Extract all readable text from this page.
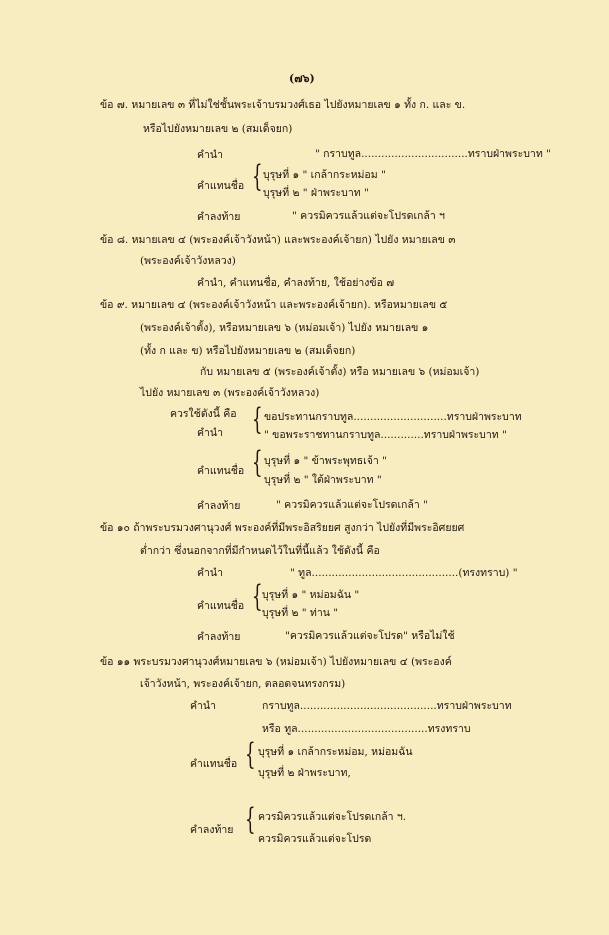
(๗๖)
ข้อ ๗. หมายเลข ๓ ที่ไม่ใช่ชั้นพระเจ้าบรมวงศ์เธอ ไปยังหมายเลข ๑ ทั้ง ก. และ ข.
หรือไปยังหมายเลข ๒ (สมเด็จยก)
คำนำ	" กราบทูล................................ทราบฝ่าพระบาท "
คำแทนชื่อ { บุรุษที่ ๑ " เกล้ากระหม่อม "
บุรุษที่ ๒ " ฝ่าพระบาท "
คำลงท้าย	" ควรมิควรแล้วแต่จะโปรดเกล้า ฯ
ข้อ ๘. หมายเลข ๔ (พระองค์เจ้าวังหน้า) และพระองค์เจ้ายก) ไปยัง หมายเลข ๓
(พระองค์เจ้าวังหลวง)
คำนำ, คำแทนชื่อ, คำลงท้าย, ใช้อย่างข้อ ๗
ข้อ ๙. หมายเลข ๔ (พระองค์เจ้าวังหน้า และพระองค์เจ้ายก). หรือหมายเลข ๕
(พระองค์เจ้าตั้ง), หรือหมายเลข ๖ (หม่อมเจ้า) ไปยัง หมายเลข ๑
(ทั้ง ก และ ข) หรือไปยังหมายเลข ๒ (สมเด็จยก)
กับ หมายเลข ๕ (พระองค์เจ้าตั้ง) หรือ หมายเลข ๖ (หม่อมเจ้า)
ไปยัง หมายเลข ๓ (พระองค์เจ้าวังหลวง)
ควรใช้ดังนี้ คือ
คำนำ { ขอประทานกราบทูล............................ทราบฝ่าพระบาท
" ขอพระราชทานกราบทูล.............ทราบฝ่าพระบาท "
คำแทนชื่อ { บุรุษที่ ๑ " ข้าพระพุทธเจ้า "
บุรุษที่ ๒ " ใต้ฝ่าพระบาท "
คำลงท้าย	" ควรมิควรแล้วแต่จะโปรดเกล้า "
ข้อ ๑๐ ถ้าพระบรมวงศานุวงศ์ พระองค์ที่มีพระอิสริยยศ สูงกว่า ไปยังที่มีพระอิศยยศ
ต่ำกว่า ซึ่งนอกจากที่มีกำหนดไว้ในที่นี้แล้ว ใช้ดังนี้ คือ
คำนำ	" ทูล............................................(ทรงทราบ) "
คำแทนชื่อ { บุรุษที่ ๑ " หม่อมฉัน "
บุรุษที่ ๒ " ท่าน "
คำลงท้าย	"ควรมิควรแล้วแต่จะโปรด" หรือไม่ใช้
ข้อ ๑๑ พระบรมวงศานุวงศ์หมายเลข ๖ (หม่อมเจ้า) ไปยังหมายเลข ๔ (พระองค์
เจ้าวังหน้า, พระองค์เจ้ายก, ตลอดจนทรงกรม)
คำนำ	กราบทูล.........................................ทราบฝ่าพระบาท
หรือ ทูล.......................................ทรงทราบ
คำแทนชื่อ { บุรุษที่ ๑ เกล้ากระหม่อม, หม่อมฉัน
บุรุษที่ ๒ ฝ่าพระบาท,
คำลงท้าย { ควรมิควรแล้วแต่จะโปรดเกล้า ฯ.
ควรมิควรแล้วแต่จะโปรด
